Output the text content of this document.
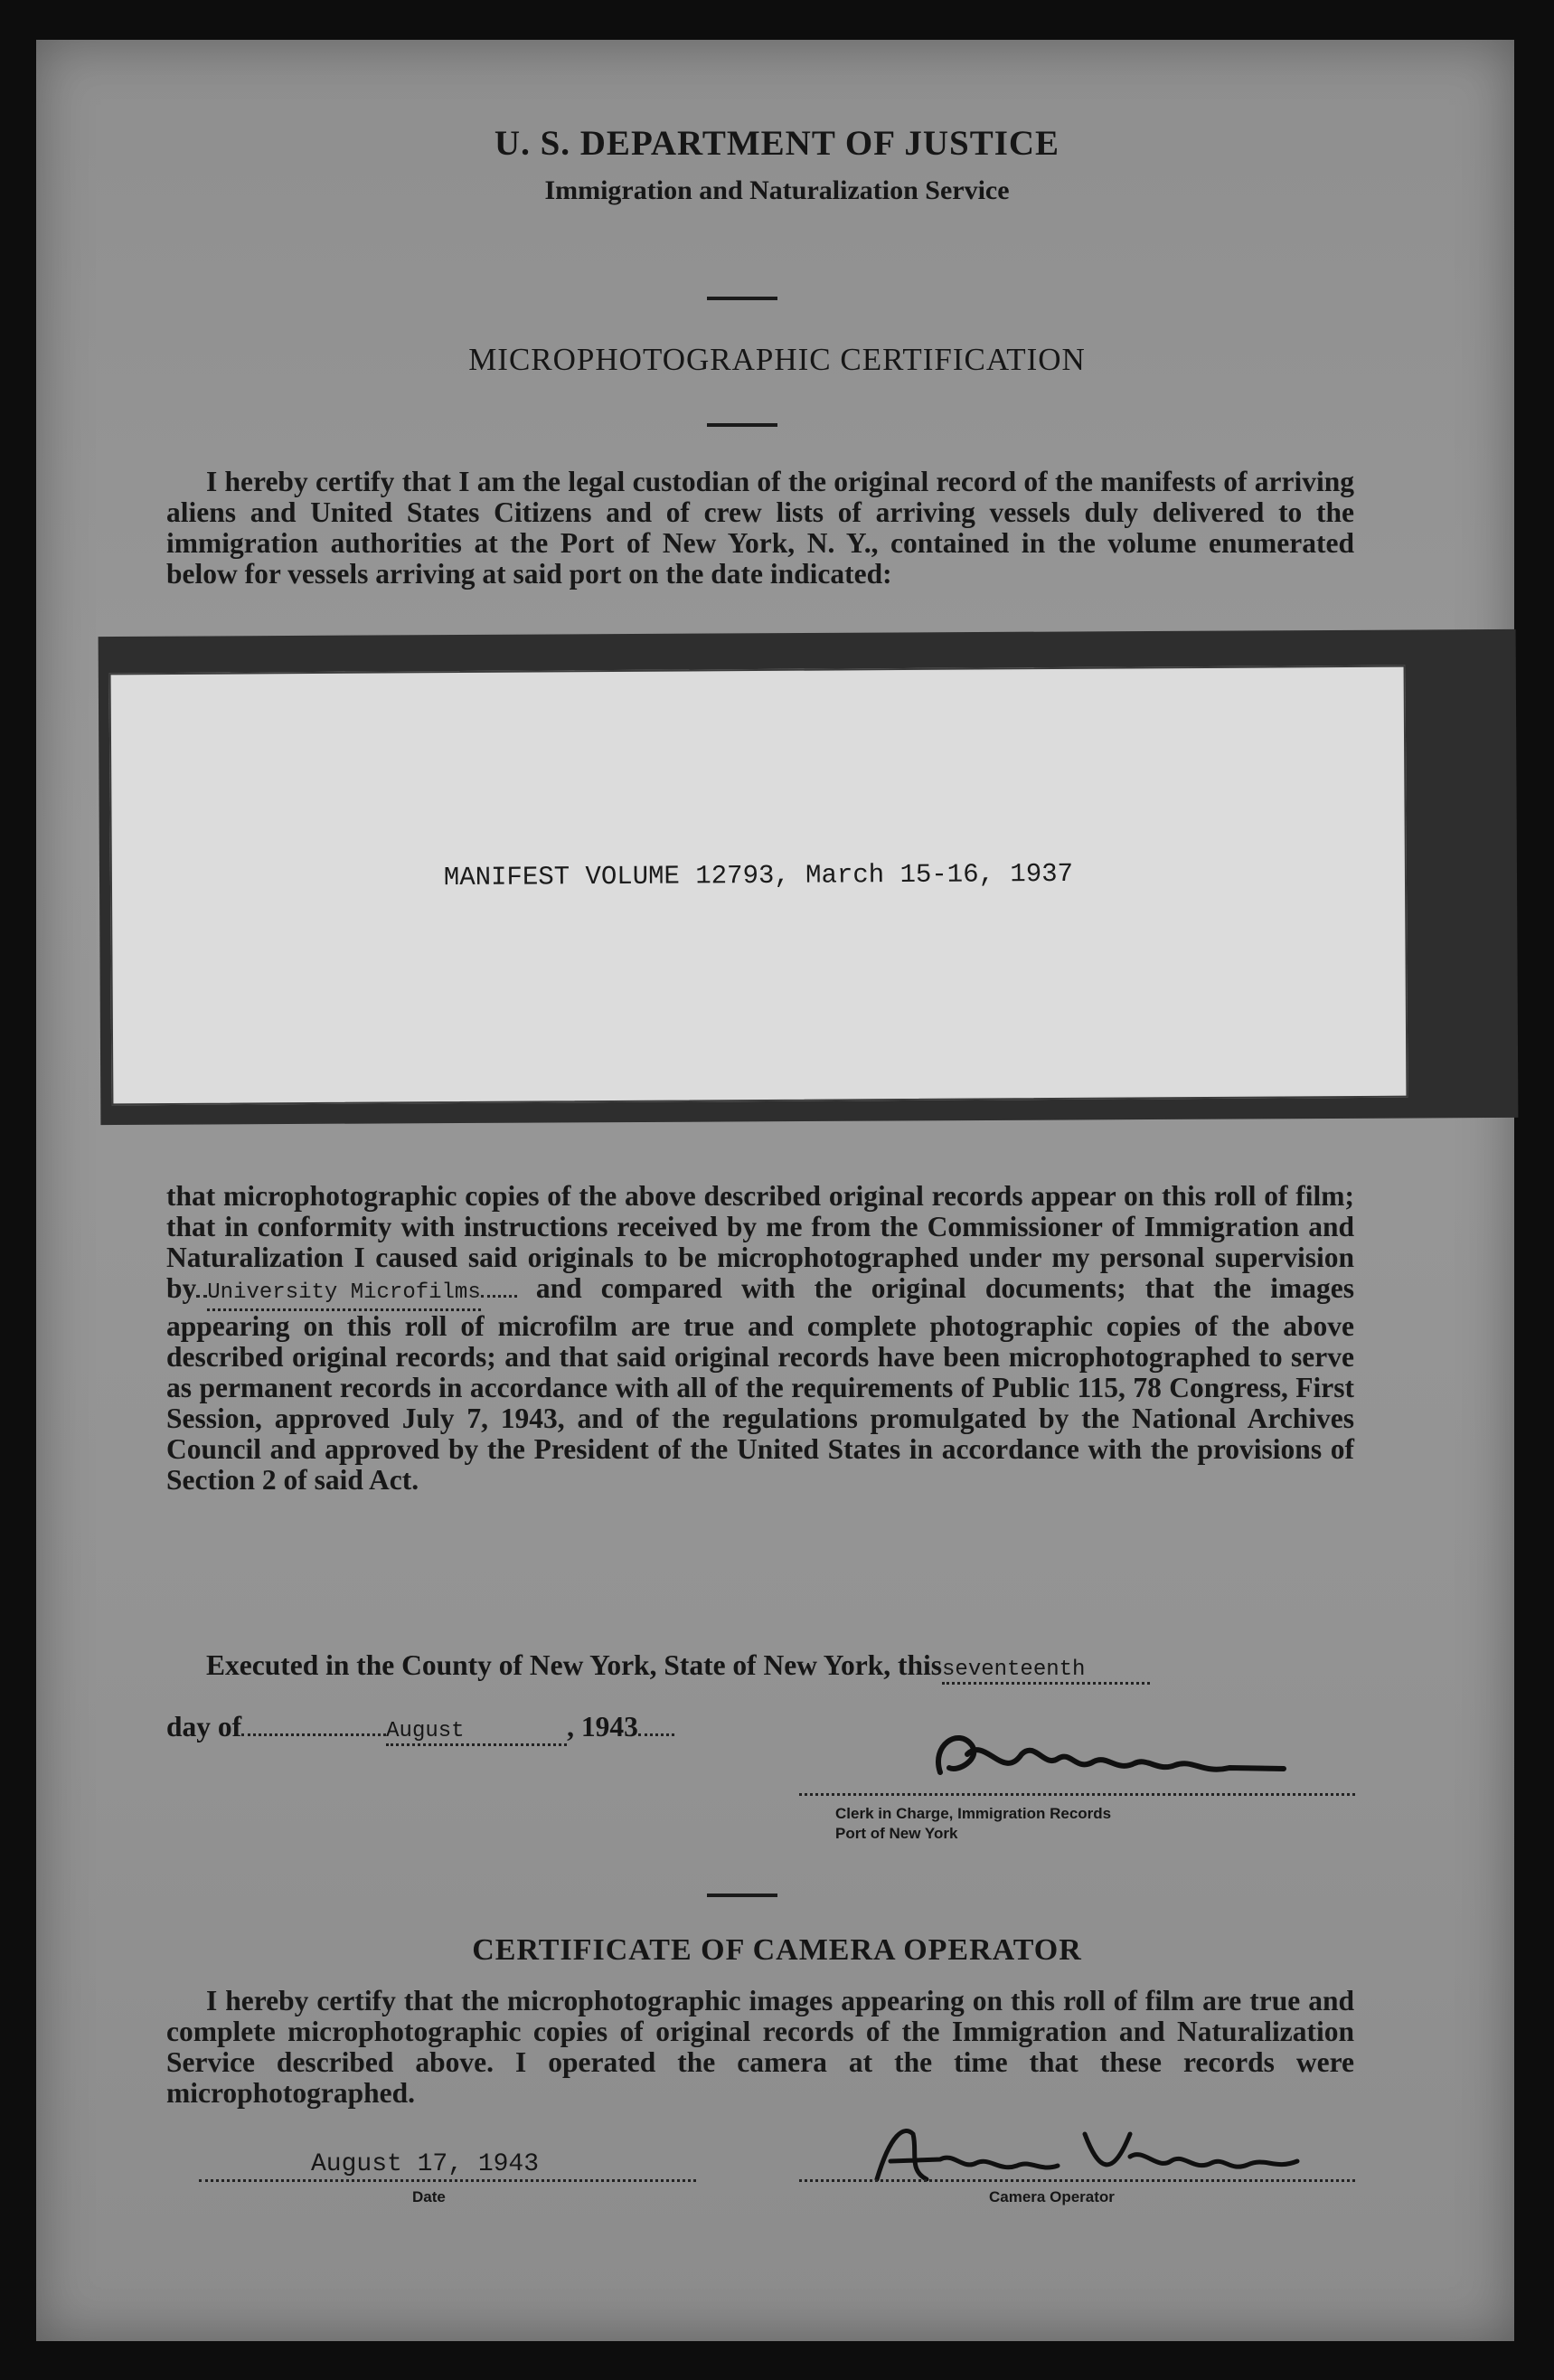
U. S. DEPARTMENT OF JUSTICE
Immigration and Naturalization Service
MICROPHOTOGRAPHIC CERTIFICATION
I hereby certify that I am the legal custodian of the original record of the manifests of arriving aliens and United States Citizens and of crew lists of arriving vessels duly delivered to the immigration authorities at the Port of New York, N. Y., contained in the volume enumerated below for vessels arriving at said port on the date indicated:
MANIFEST VOLUME 12793, March 15-16, 1937
that microphotographic copies of the above described original records appear on this roll of film; that in conformity with instructions received by me from the Commissioner of Immigration and Naturalization I caused said originals to be microphotographed under my personal supervision by University Microfilms and compared with the original documents; that the images appearing on this roll of microfilm are true and complete photographic copies of the above described original records; and that said original records have been microphotographed to serve as permanent records in accordance with all of the requirements of Public 115, 78 Congress, First Session, approved July 7, 1943, and of the regulations promulgated by the National Archives Council and approved by the President of the United States in accordance with the provisions of Section 2 of said Act.
Executed in the County of New York, State of New York, thisseventeenth
day of	August	, 1943
Clerk in Charge, Immigration Records
Port of New York
CERTIFICATE OF CAMERA OPERATOR
I hereby certify that the microphotographic images appearing on this roll of film are true and complete microphotographic copies of original records of the Immigration and Naturalization Service described above. I operated the camera at the time that these records were microphotographed.
August 17, 1943
Date	Camera Operator
